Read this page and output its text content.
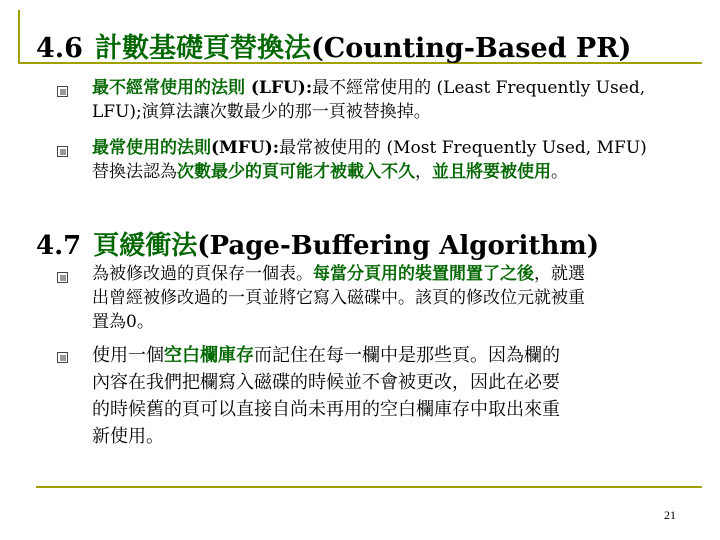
4.6 計數基礎頁替換法(Counting-Based PR)
最不經常使用的法則 (LFU):最不經常使用的 (Least Frequently Used,
LFU);演算法讓次數最少的那一頁被替換掉。
最常使用的法則(MFU):最常被使用的 (Most Frequently Used, MFU)
替換法認為次數最少的頁可能才被載入不久，並且將要被使用。
4.7 頁緩衝法(Page-Buffering Algorithm)
為被修改過的頁保存一個表。每當分頁用的裝置閒置了之後，就選
出曾經被修改過的一頁並將它寫入磁碟中。該頁的修改位元就被重
置為0。
使用一個空白欄庫存而記住在每一欄中是那些頁。因為欄的
內容在我們把欄寫入磁碟的時候並不會被更改，因此在必要
的時候舊的頁可以直接自尚未再用的空白欄庫存中取出來重
新使用。
21
